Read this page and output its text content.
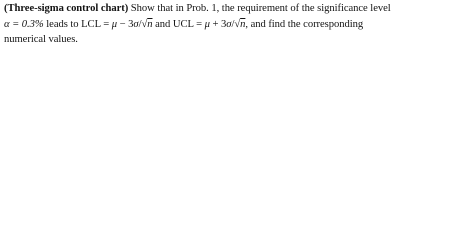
(Three-sigma control chart) Show that in Prob. 1, the requirement of the significance level
α = 0.3% leads to LCL = μ − 3σ/√n and UCL = μ + 3σ/√n, and find the corresponding
numerical values.
